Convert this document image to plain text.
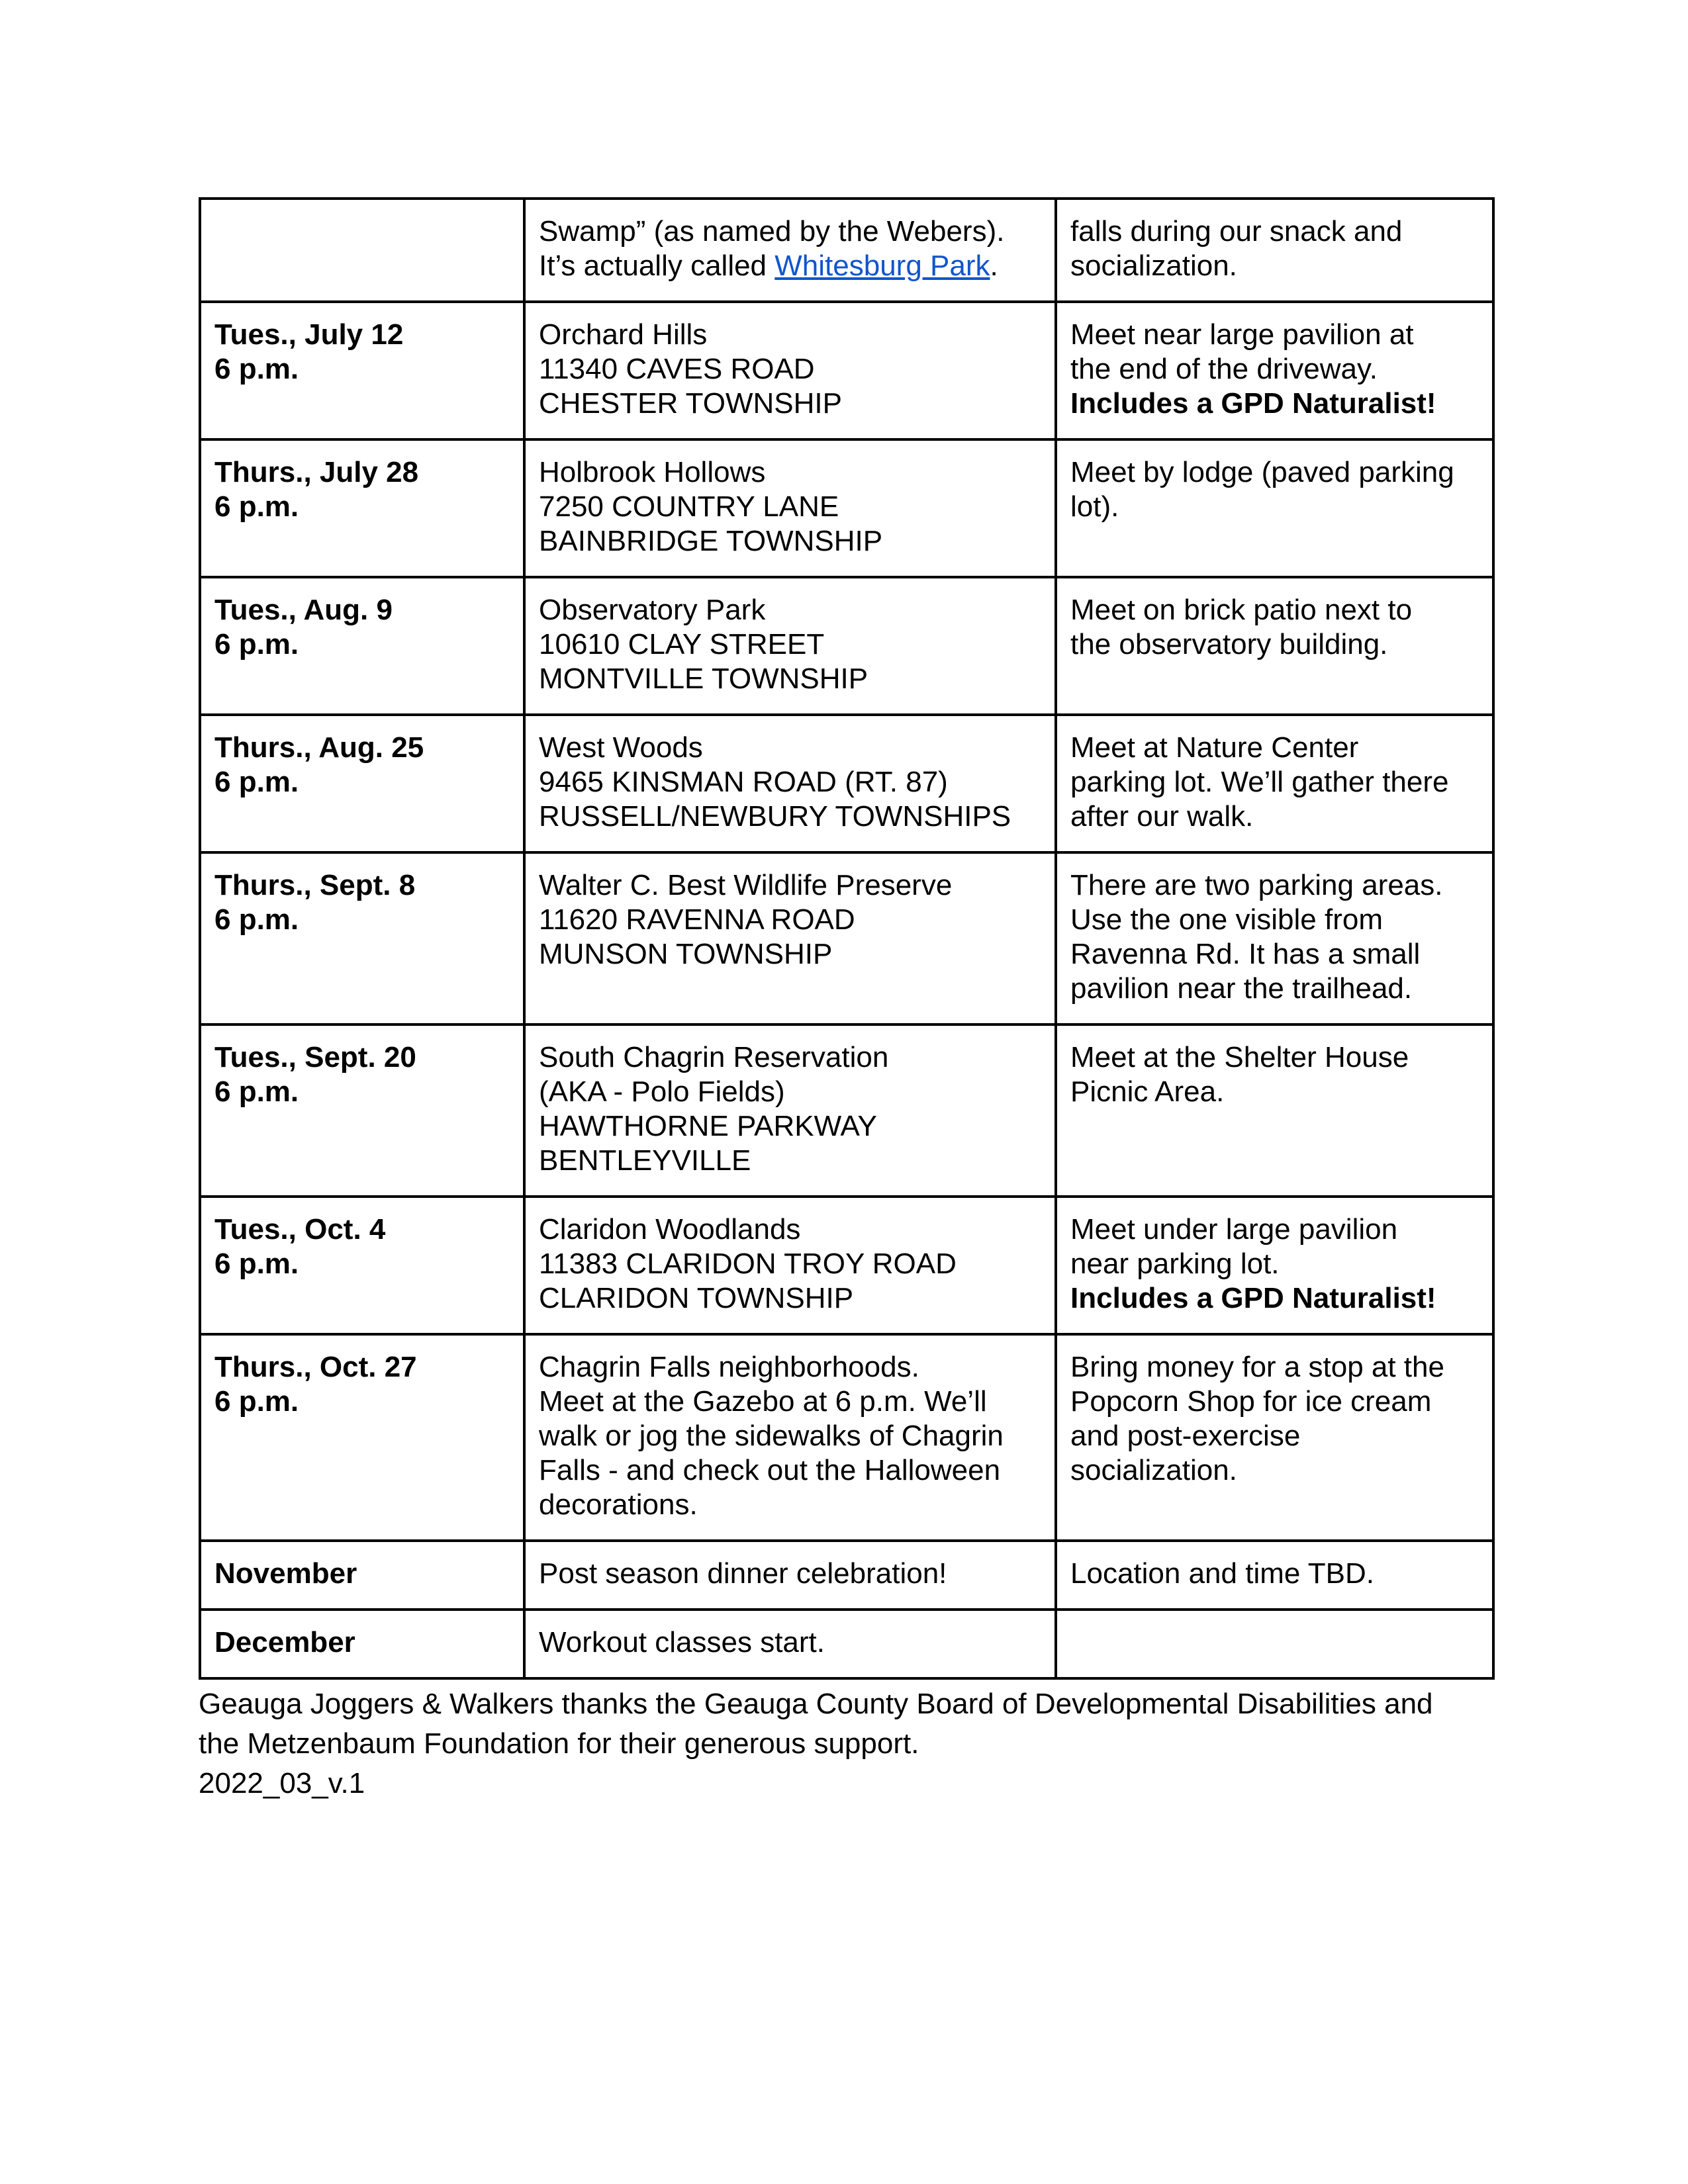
	Swamp” (as named by the Webers).
It’s actually called Whitesburg Park.	falls during our snack and
socialization.

Tues., July 12
6 p.m.	Orchard Hills
11340 CAVES ROAD
CHESTER TOWNSHIP	Meet near large pavilion at
the end of the driveway.
Includes a GPD Naturalist!

Thurs., July 28
6 p.m.	Holbrook Hollows
7250 COUNTRY LANE
BAINBRIDGE TOWNSHIP	Meet by lodge (paved parking
lot).

Tues., Aug. 9
6 p.m.	Observatory Park
10610 CLAY STREET
MONTVILLE TOWNSHIP	Meet on brick patio next to
the observatory building.

Thurs., Aug. 25
6 p.m.	West Woods
9465 KINSMAN ROAD (RT. 87)
RUSSELL/NEWBURY TOWNSHIPS	Meet at Nature Center
parking lot. We’ll gather there
after our walk.

Thurs., Sept. 8
6 p.m.	Walter C. Best Wildlife Preserve
11620 RAVENNA ROAD
MUNSON TOWNSHIP	There are two parking areas.
Use the one visible from
Ravenna Rd. It has a small
pavilion near the trailhead.

Tues., Sept. 20
6 p.m.	South Chagrin Reservation
(AKA - Polo Fields)
HAWTHORNE PARKWAY
BENTLEYVILLE	Meet at the Shelter House
Picnic Area.

Tues., Oct. 4
6 p.m.	Claridon Woodlands
11383 CLARIDON TROY ROAD
CLARIDON TOWNSHIP	Meet under large pavilion
near parking lot.
Includes a GPD Naturalist!

Thurs., Oct. 27
6 p.m.	Chagrin Falls neighborhoods.
Meet at the Gazebo at 6 p.m. We’ll
walk or jog the sidewalks of Chagrin
Falls - and check out the Halloween
decorations.	Bring money for a stop at the
Popcorn Shop for ice cream
and post-exercise
socialization.

November	Post season dinner celebration!	Location and time TBD.

December	Workout classes start.	

Geauga Joggers & Walkers thanks the Geauga County Board of Developmental Disabilities and
the Metzenbaum Foundation for their generous support.
2022_03_v.1
